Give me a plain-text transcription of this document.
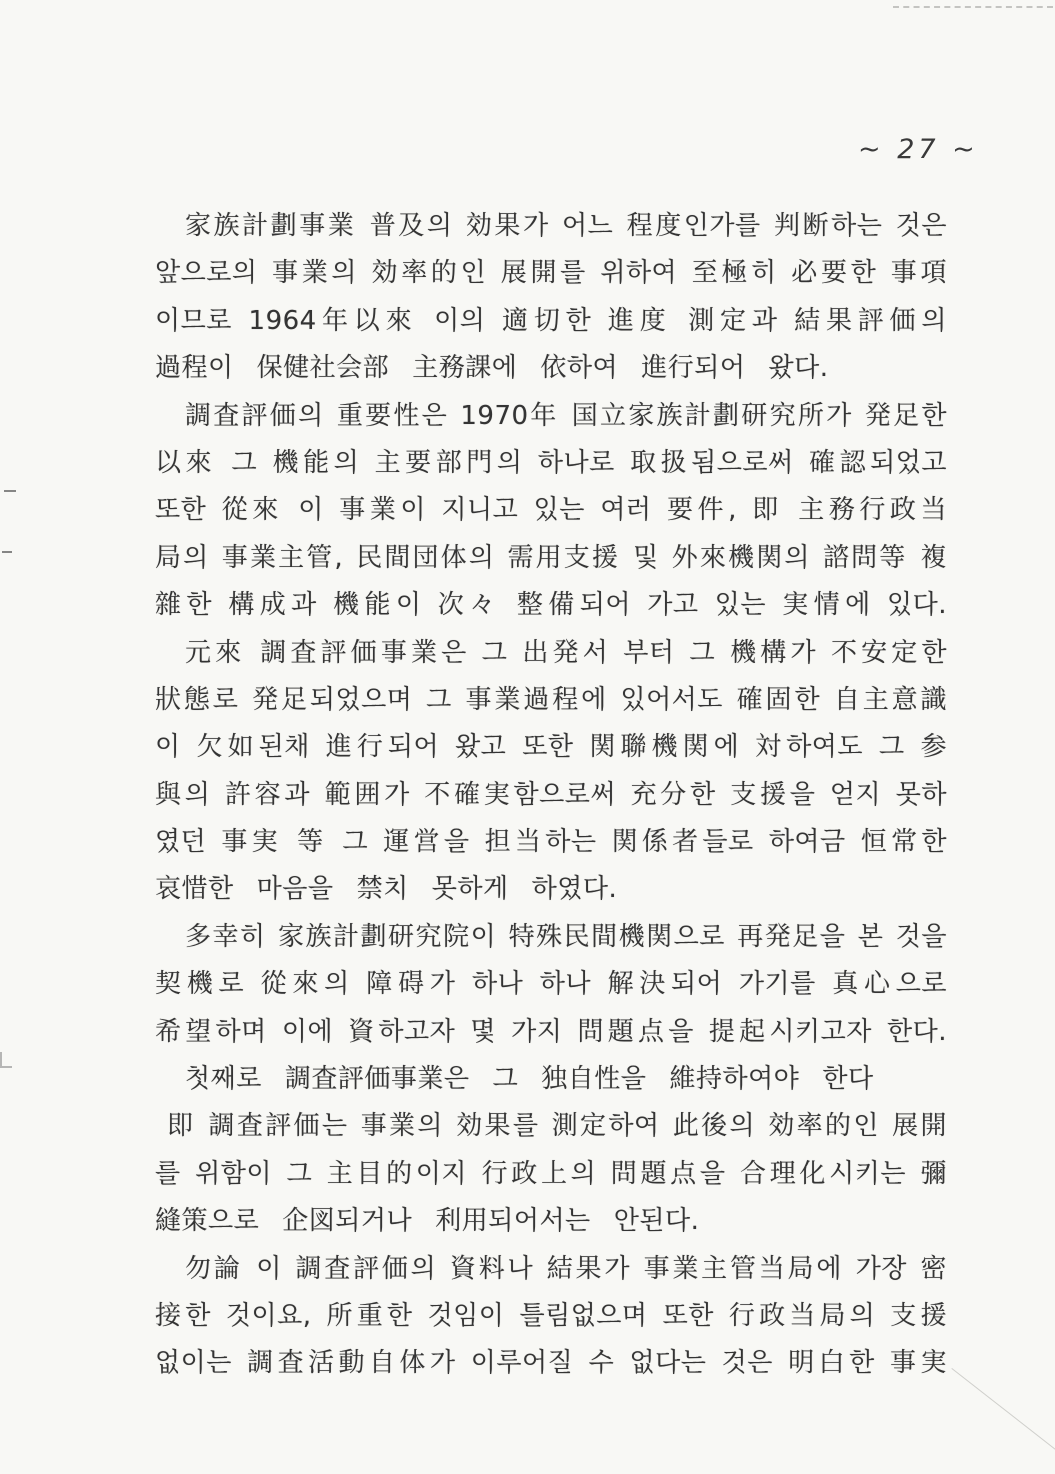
~ 27 ~
家族計劃事業 普及의 効果가 어느 程度인가를 判断하는 것은
앞으로의 事業의 効率的인 展開를 위하여 至極히 必要한 事項
이므로 1964年以來 이의 適切한 進度 測定과 結果評価의
過程이 保健社会部 主務課에 依하여 進行되어 왔다.
調査評価의 重要性은 1970年 国立家族計劃研究所가 発足한
以來 그 機能의 主要部門의 하나로 取扱됨으로써 確認되었고
또한 從來 이 事業이 지니고 있는 여러 要件, 即 主務行政当
局의 事業主管, 民間団体의 需用支援 및 外來機関의 諮問等 複
雜한 構成과 機能이 次々 整備되어 가고 있는 実情에 있다.
元來 調査評価事業은 그 出発서 부터 그 機構가 不安定한
狀態로 発足되었으며 그 事業過程에 있어서도 確固한 自主意識
이 欠如된채 進行되어 왔고 또한 関聯機関에 対하여도 그 参
與의 許容과 範囲가 不確実함으로써 充分한 支援을 얻지 못하
였던 事実 等 그 運営을 担当하는 関係者들로 하여금 恒常한
哀惜한 마음을 禁치 못하게 하였다.
多幸히 家族計劃研究院이 特殊民間機関으로 再発足을 본 것을
契機로 從來의 障碍가 하나 하나 解決되어 가기를 真心으로
希望하며 이에 資하고자 몇 가지 問題点을 提起시키고자 한다.
첫째로 調査評価事業은 그 独自性을 維持하여야 한다
即 調査評価는 事業의 効果를 測定하여 此後의 効率的인 展開
를 위함이 그 主目的이지 行政上의 問題点을 合理化시키는 彌
縫策으로 企図되거나 利用되어서는 안된다.
勿論 이 調査評価의 資料나 結果가 事業主管当局에 가장 密
接한 것이요, 所重한 것임이 틀림없으며 또한 行政当局의 支援
없이는 調査活動自体가 이루어질 수 없다는 것은 明白한 事実
